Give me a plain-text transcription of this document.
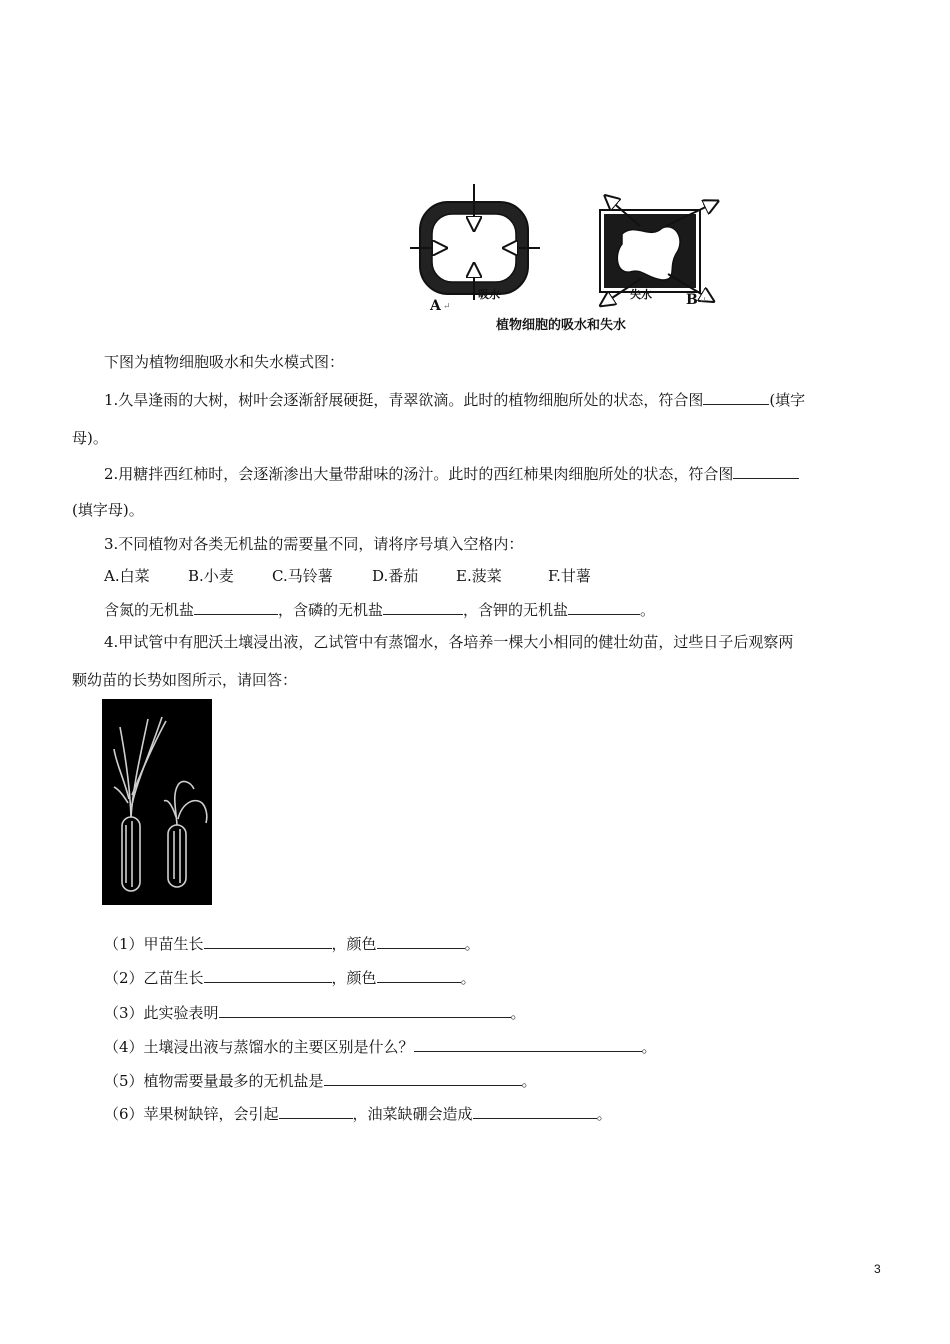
A ↵
吸水	失水 B ↵
植物细胞的吸水和失水
下图为植物细胞吸水和失水模式图：
1.久旱逢雨的大树，树叶会逐渐舒展硬挺，青翠欲滴。此时的植物细胞所处的状态，符合图	(填字
母)。
2.用糖拌西红柿时，会逐渐渗出大量带甜味的汤汁。此时的西红柿果肉细胞所处的状态，符合图
(填字母)。
3.不同植物对各类无机盐的需要量不同，请将序号填入空格内：
A.白菜	B.小麦	C.马铃薯	D.番茄	E.菠菜	F.甘薯
含氮的无机盐	，含磷的无机盐	，含钾的无机盐	。
4.甲试管中有肥沃土壤浸出液，乙试管中有蒸馏水，各培养一棵大小相同的健壮幼苗，过些日子后观察两
颗幼苗的长势如图所示，请回答：
（1）甲苗生长	，颜色	。
（2）乙苗生长	，颜色	。
（3）此实验表明	。
（4）土壤浸出液与蒸馏水的主要区别是什么？	。
（5）植物需要量最多的无机盐是	。
（6）苹果树缺锌，会引起	，油菜缺硼会造成	。
3
